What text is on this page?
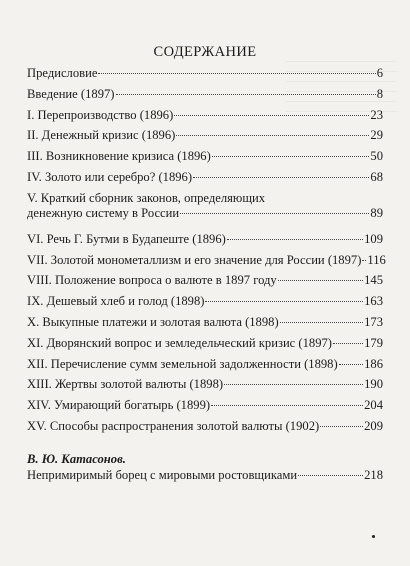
СОДЕРЖАНИЕ
Предисловие	6
Введение (1897)	8
I. Перепроизводство (1896)	23
II. Денежный кризис (1896)	29
III. Возникновение кризиса (1896)	50
IV. Золото или серебро? (1896)	68
V. Краткий сборник законов, определяющих
денежную систему в России	89
VI. Речь Г. Бутми в Будапеште (1896)	109
VII. Золотой монометаллизм и его значение для России (1897) 116
VIII. Положение вопроса о валюте в 1897 году	145
IX. Дешевый хлеб и голод (1898)	163
X. Выкупные платежи и золотая валюта (1898)	173
XI. Дворянский вопрос и земледельческий кризис (1897)	179
XII. Перечисление сумм земельной задолженности (1898) 186
XIII. Жертвы золотой валюты (1898)	190
XIV. Умирающий богатырь (1899)	204
XV. Способы распространения золотой валюты (1902)	209
В. Ю. Катасонов.
Непримиримый борец с мировыми ростовщиками	218
